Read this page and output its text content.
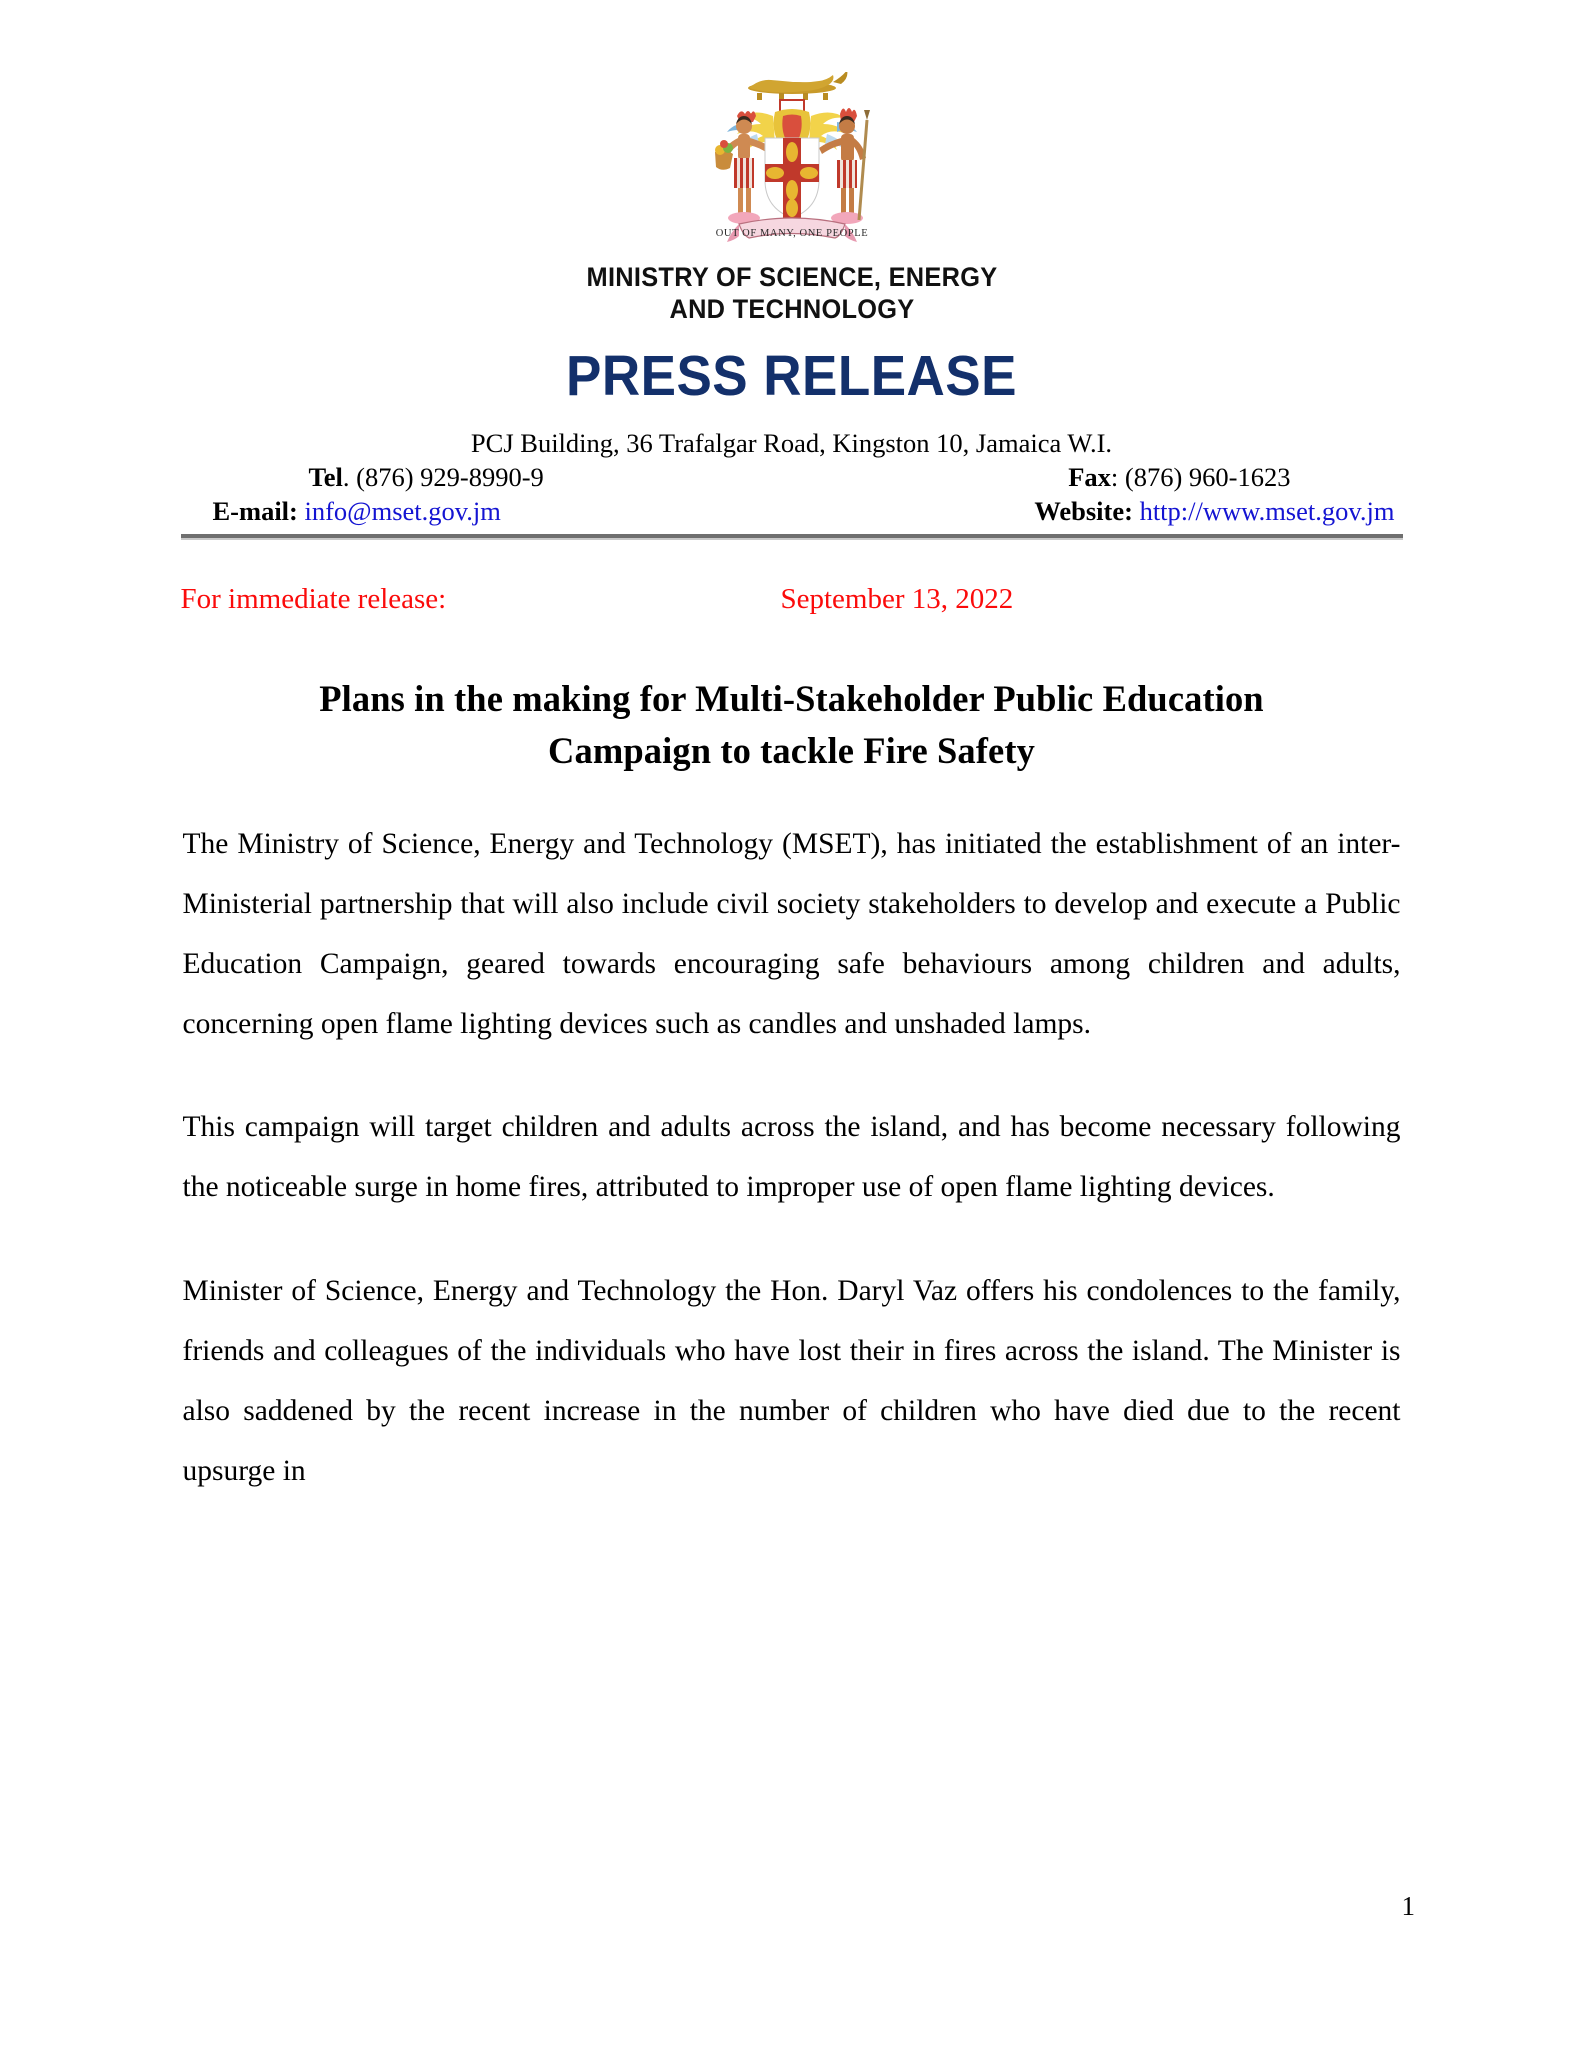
OUT OF MANY, ONE PEOPLE
MINISTRY OF SCIENCE, ENERGY
AND TECHNOLOGY
PRESS RELEASE
PCJ Building, 36 Trafalgar Road, Kingston 10, Jamaica W.I.
Tel. (876) 929-8990-9	Fax: (876) 960-1623
E-mail: info@mset.gov.jm	Website: http://www.mset.gov.jm
For immediate release:	September 13, 2022
Plans in the making for Multi-Stakeholder Public Education Campaign to tackle Fire Safety

The Ministry of Science, Energy and Technology (MSET), has initiated the establishment of an inter-Ministerial partnership that will also include civil society stakeholders to develop and execute a Public Education Campaign, geared towards encouraging safe behaviours among children and adults, concerning open flame lighting devices such as candles and unshaded lamps.

This campaign will target children and adults across the island, and has become necessary following the noticeable surge in home fires, attributed to improper use of open flame lighting devices.

Minister of Science, Energy and Technology the Hon. Daryl Vaz offers his condolences to the family, friends and colleagues of the individuals who have lost their in fires across the island. The Minister is also saddened by the recent increase in the number of children who have died due to the recent upsurge in

1
